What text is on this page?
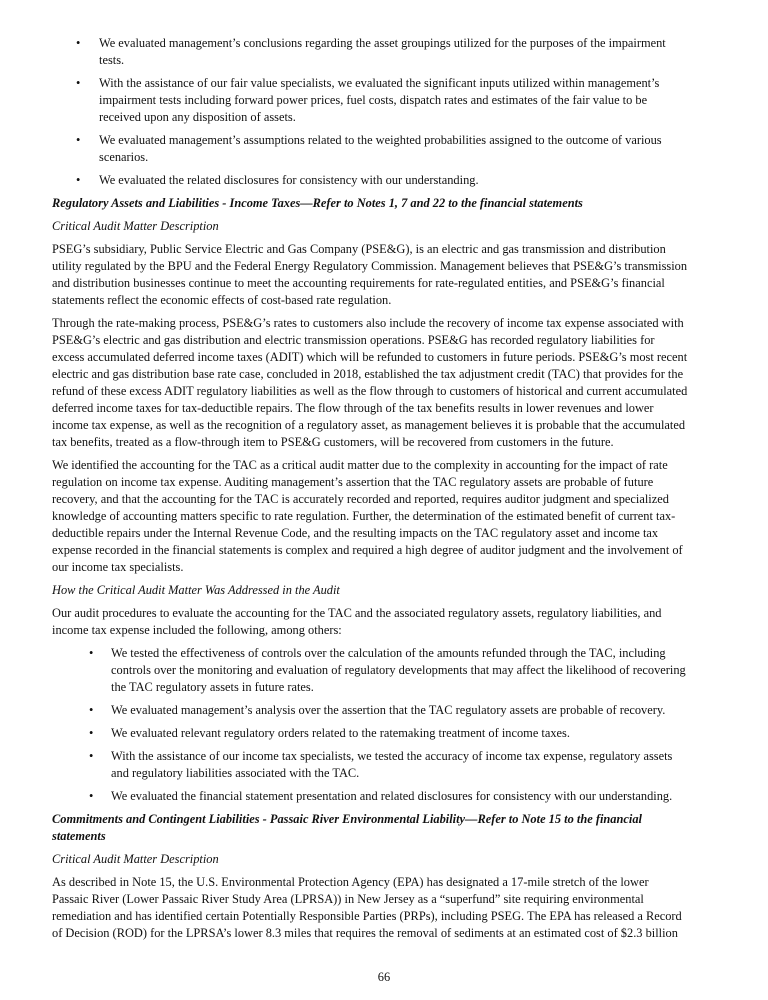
• We evaluated management’s conclusions regarding the asset groupings utilized for the purposes of the impairment
tests.
• With the assistance of our fair value specialists, we evaluated the significant inputs utilized within management’s
impairment tests including forward power prices, fuel costs, dispatch rates and estimates of the fair value to be
received upon any disposition of assets.
• We evaluated management’s assumptions related to the weighted probabilities assigned to the outcome of various
scenarios.
• We evaluated the related disclosures for consistency with our understanding.
Regulatory Assets and Liabilities - Income Taxes—Refer to Notes 1, 7 and 22 to the financial statements
Critical Audit Matter Description
PSEG’s subsidiary, Public Service Electric and Gas Company (PSE&G), is an electric and gas transmission and distribution
utility regulated by the BPU and the Federal Energy Regulatory Commission. Management believes that PSE&G’s transmission
and distribution businesses continue to meet the accounting requirements for rate-regulated entities, and PSE&G’s financial
statements reflect the economic effects of cost-based rate regulation.
Through the rate-making process, PSE&G’s rates to customers also include the recovery of income tax expense associated with
PSE&G’s electric and gas distribution and electric transmission operations. PSE&G has recorded regulatory liabilities for
excess accumulated deferred income taxes (ADIT) which will be refunded to customers in future periods. PSE&G’s most recent
electric and gas distribution base rate case, concluded in 2018, established the tax adjustment credit (TAC) that provides for the
refund of these excess ADIT regulatory liabilities as well as the flow through to customers of historical and current accumulated
deferred income taxes for tax-deductible repairs. The flow through of the tax benefits results in lower revenues and lower
income tax expense, as well as the recognition of a regulatory asset, as management believes it is probable that the accumulated
tax benefits, treated as a flow-through item to PSE&G customers, will be recovered from customers in the future.
We identified the accounting for the TAC as a critical audit matter due to the complexity in accounting for the impact of rate
regulation on income tax expense. Auditing management’s assertion that the TAC regulatory assets are probable of future
recovery, and that the accounting for the TAC is accurately recorded and reported, requires auditor judgment and specialized
knowledge of accounting matters specific to rate regulation. Further, the determination of the estimated benefit of current tax-
deductible repairs under the Internal Revenue Code, and the resulting impacts on the TAC regulatory asset and income tax
expense recorded in the financial statements is complex and required a high degree of auditor judgment and the involvement of
our income tax specialists.
How the Critical Audit Matter Was Addressed in the Audit
Our audit procedures to evaluate the accounting for the TAC and the associated regulatory assets, regulatory liabilities, and
income tax expense included the following, among others:
• We tested the effectiveness of controls over the calculation of the amounts refunded through the TAC, including
controls over the monitoring and evaluation of regulatory developments that may affect the likelihood of recovering
the TAC regulatory assets in future rates.
• We evaluated management’s analysis over the assertion that the TAC regulatory assets are probable of recovery.
• We evaluated relevant regulatory orders related to the ratemaking treatment of income taxes.
• With the assistance of our income tax specialists, we tested the accuracy of income tax expense, regulatory assets
and regulatory liabilities associated with the TAC.
• We evaluated the financial statement presentation and related disclosures for consistency with our understanding.
Commitments and Contingent Liabilities - Passaic River Environmental Liability—Refer to Note 15 to the financial
statements
Critical Audit Matter Description
As described in Note 15, the U.S. Environmental Protection Agency (EPA) has designated a 17-mile stretch of the lower
Passaic River (Lower Passaic River Study Area (LPRSA)) in New Jersey as a “superfund” site requiring environmental
remediation and has identified certain Potentially Responsible Parties (PRPs), including PSEG. The EPA has released a Record
of Decision (ROD) for the LPRSA’s lower 8.3 miles that requires the removal of sediments at an estimated cost of $2.3 billion
66
